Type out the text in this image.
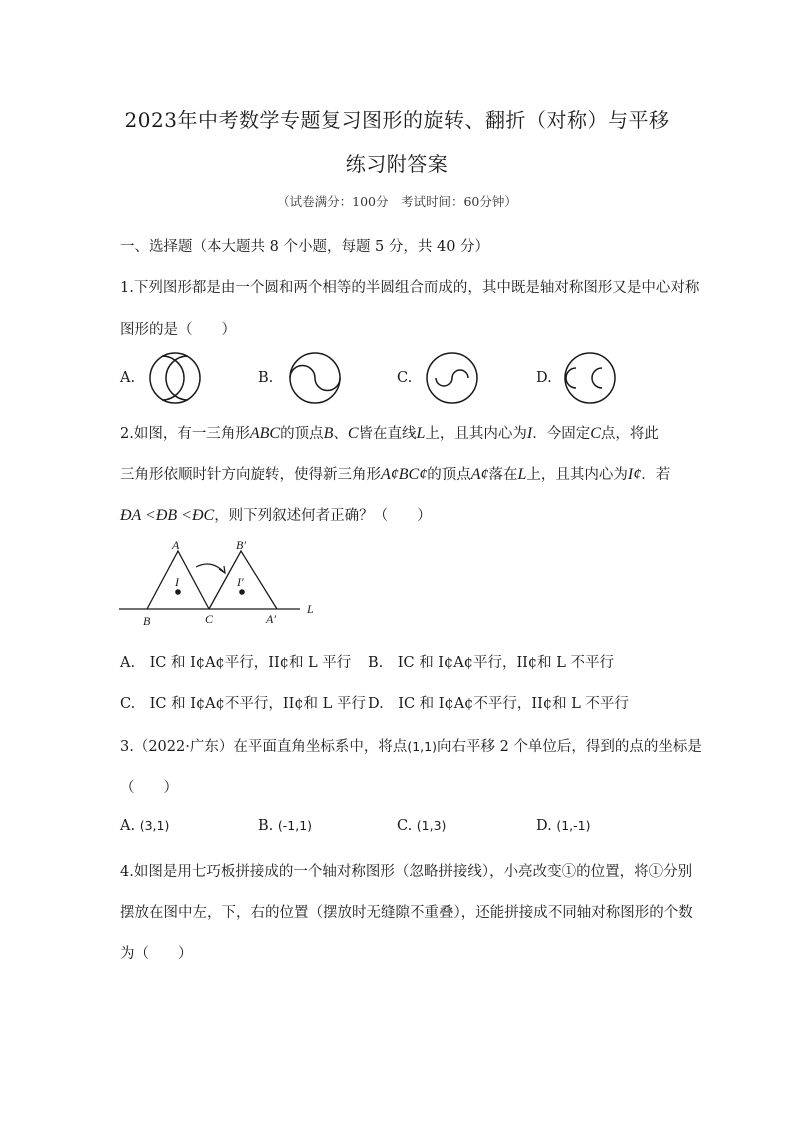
2023年中考数学专题复习图形的旋转、翻折（对称）与平移
练习附答案
（试卷满分：100分　考试时间：60分钟）
一、选择题（本大题共 8 个小题，每题 5 分，共 40 分）
1.下列图形都是由一个圆和两个相等的半圆组合而成的，其中既是轴对称图形又是中心对称
图形的是（　　）
A.	B.	C.	D.
2.如图，有一三角形ABC的顶点B、C皆在直线L上，且其内心为I．今固定C点，将此
三角形依顺时针方向旋转，使得新三角形A¢BC¢的顶点A¢落在L上，且其内心为I¢．若
ÐA <ÐB <ÐC，则下列叙述何者正确？（　　）
A	B′
I	I′
B	C	A′
L
A.　IC 和 I¢A¢平行，II¢和 L 平行 B.　IC 和 I¢A¢平行，II¢和 L 不平行
C.　IC 和 I¢A¢不平行，II¢和 L 平行 D.　IC 和 I¢A¢不平行，II¢和 L 不平行
3.（2022·广东）在平面直角坐标系中，将点(1,1)向右平移 2 个单位后，得到的点的坐标是
（　　）
A. (3,1)	B. (-1,1)	C. (1,3)	D. (1,-1)
4.如图是用七巧板拼接成的一个轴对称图形（忽略拼接线），小亮改变①的位置，将①分别
摆放在图中左，下，右的位置（摆放时无缝隙不重叠），还能拼接成不同轴对称图形的个数
为（　　）
